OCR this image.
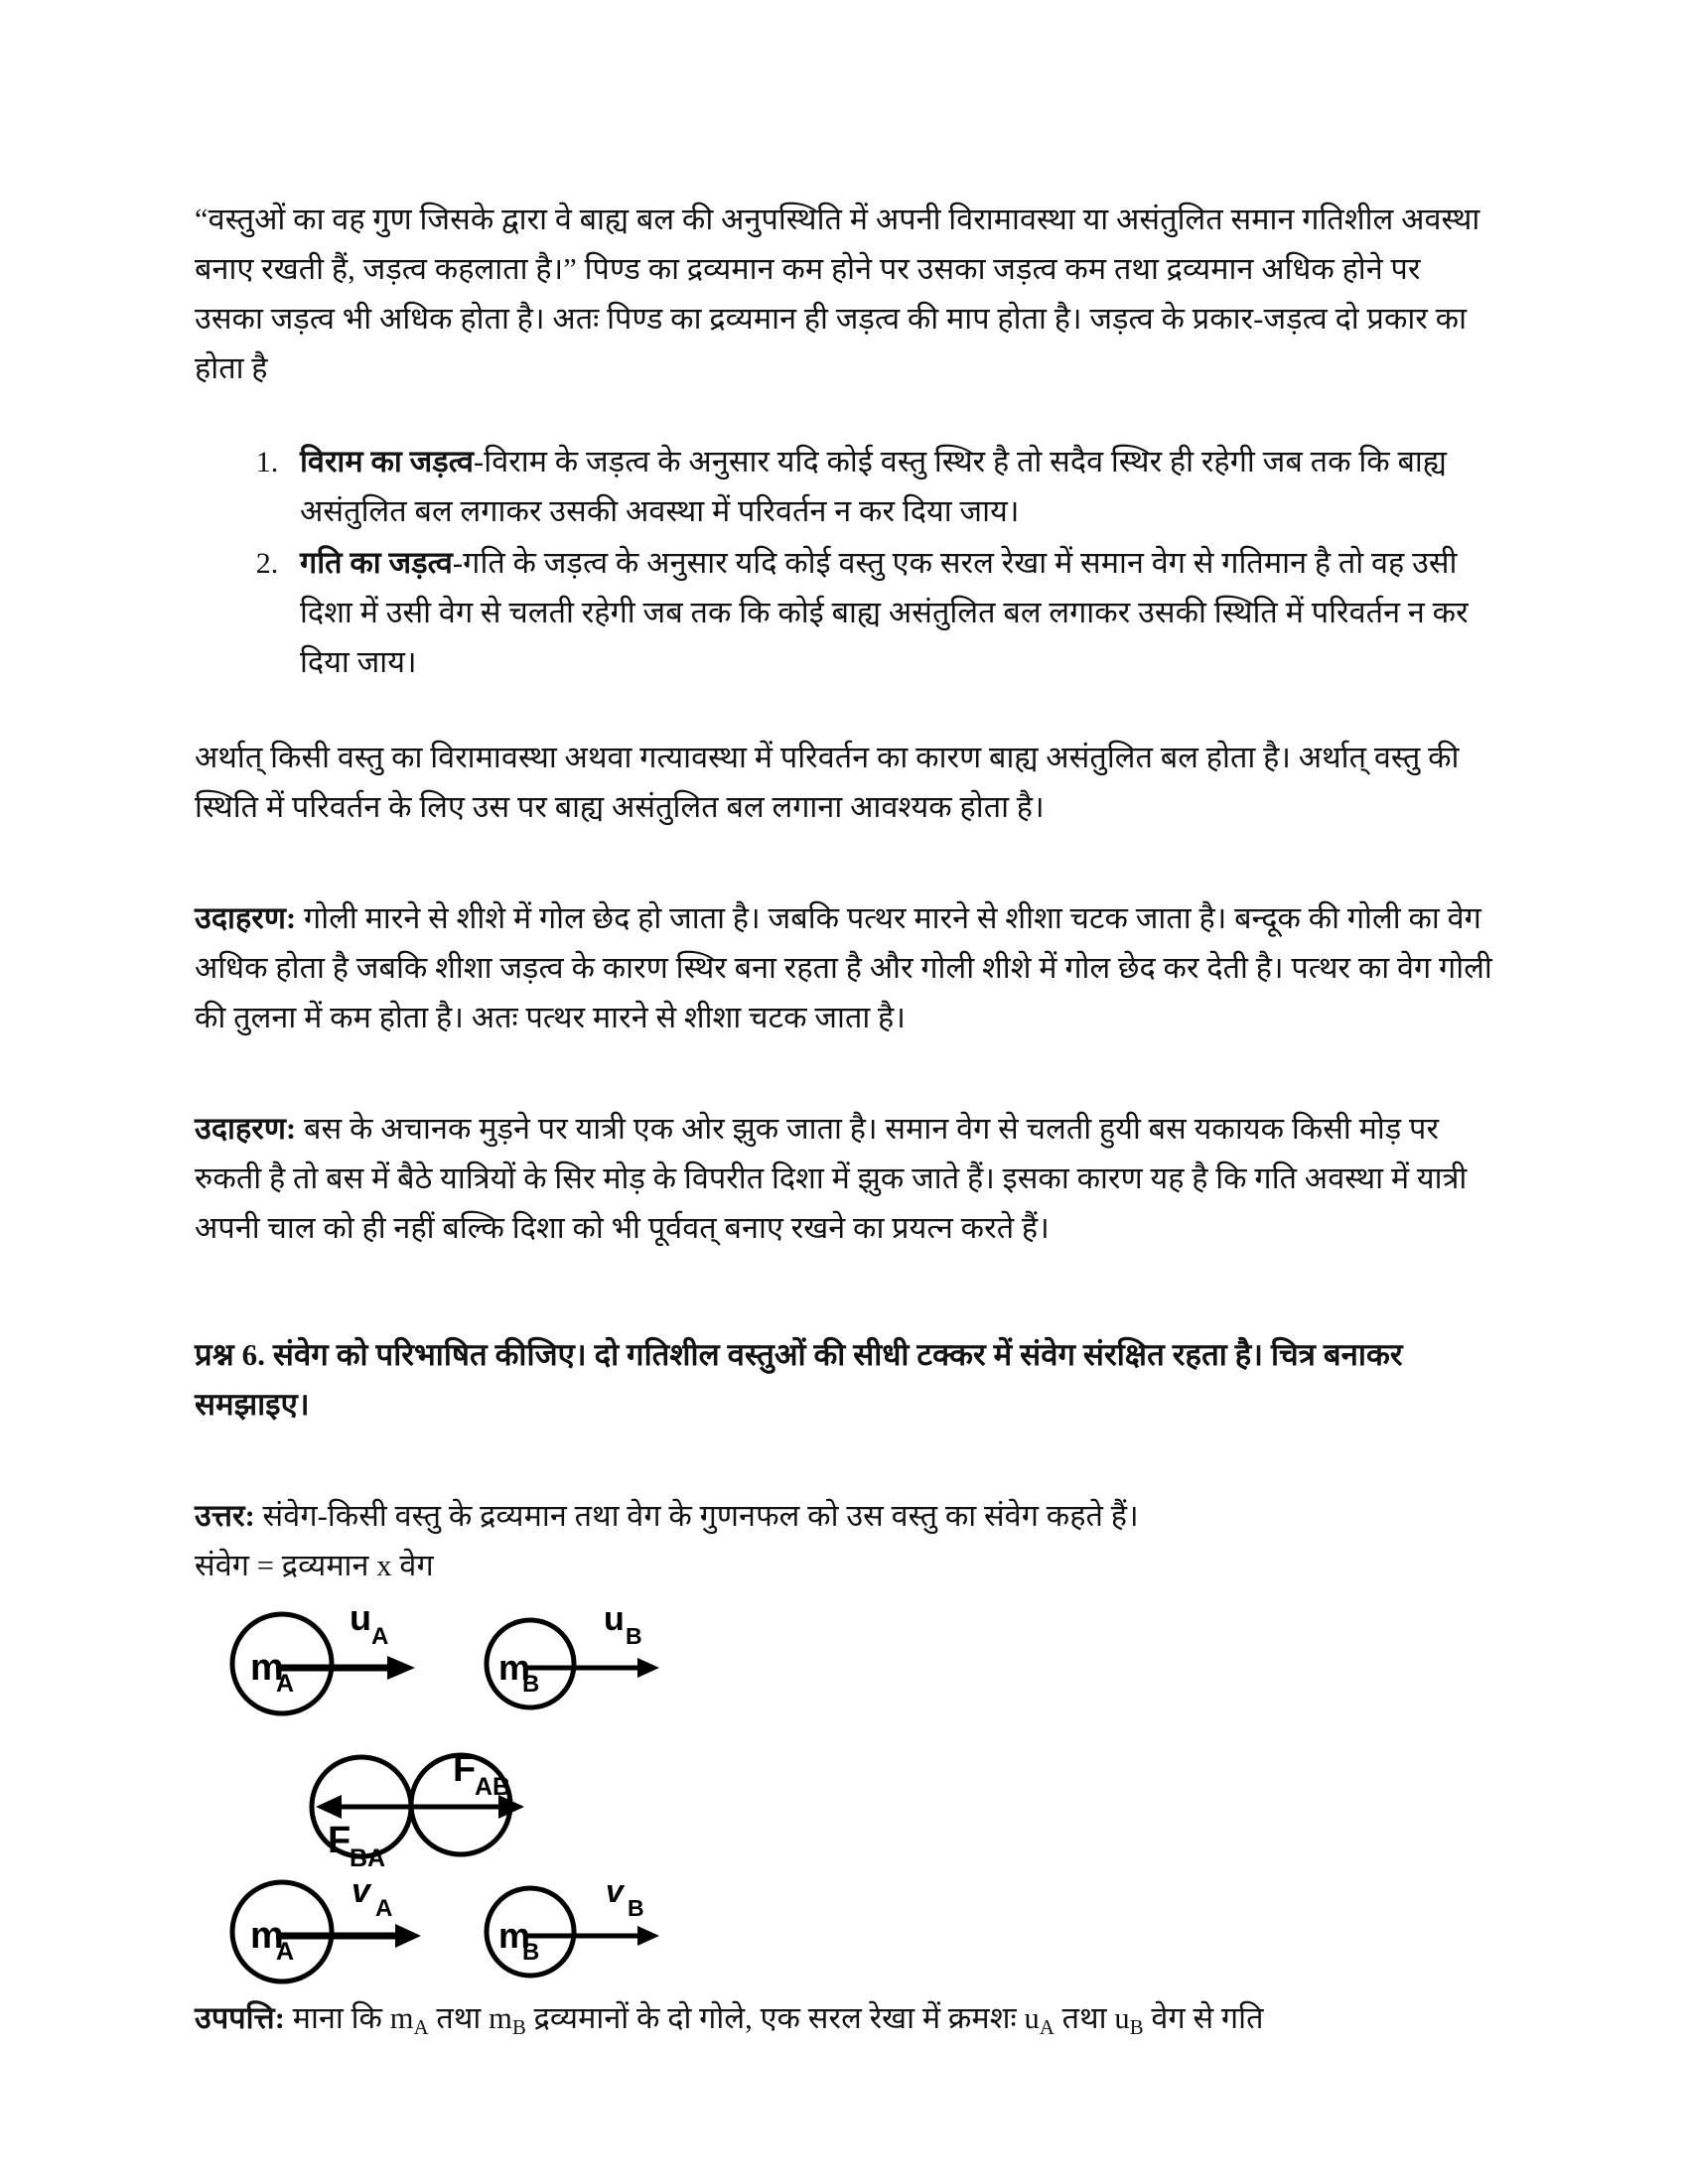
“वस्तुओं का वह गुण जिसके द्वारा वे बाह्य बल की अनुपस्थिति में अपनी विरामावस्था या असंतुलित समान गतिशील अवस्था बनाए रखती हैं, जड़त्व कहलाता है।” पिण्ड का द्रव्यमान कम होने पर उसका जड़त्व कम तथा द्रव्यमान अधिक होने पर उसका जड़त्व भी अधिक होता है। अतः पिण्ड का द्रव्यमान ही जड़त्व की माप होता है। जड़त्व के प्रकार-जड़त्व दो प्रकार का होता है

1. विराम का जड़त्व-विराम के जड़त्व के अनुसार यदि कोई वस्तु स्थिर है तो सदैव स्थिर ही रहेगी जब तक कि बाह्य असंतुलित बल लगाकर उसकी अवस्था में परिवर्तन न कर दिया जाय।
2. गति का जड़त्व-गति के जड़त्व के अनुसार यदि कोई वस्तु एक सरल रेखा में समान वेग से गतिमान है तो वह उसी दिशा में उसी वेग से चलती रहेगी जब तक कि कोई बाह्य असंतुलित बल लगाकर उसकी स्थिति में परिवर्तन न कर दिया जाय।

अर्थात् किसी वस्तु का विरामावस्था अथवा गत्यावस्था में परिवर्तन का कारण बाह्य असंतुलित बल होता है। अर्थात् वस्तु की स्थिति में परिवर्तन के लिए उस पर बाह्य असंतुलित बल लगाना आवश्यक होता है।

उदाहरण: गोली मारने से शीशे में गोल छेद हो जाता है। जबकि पत्थर मारने से शीशा चटक जाता है। बन्दूक की गोली का वेग अधिक होता है जबकि शीशा जड़त्व के कारण स्थिर बना रहता है और गोली शीशे में गोल छेद कर देती है। पत्थर का वेग गोली की तुलना में कम होता है। अतः पत्थर मारने से शीशा चटक जाता है।

उदाहरण: बस के अचानक मुड़ने पर यात्री एक ओर झुक जाता है। समान वेग से चलती हुयी बस यकायक किसी मोड़ पर रुकती है तो बस में बैठे यात्रियों के सिर मोड़ के विपरीत दिशा में झुक जाते हैं। इसका कारण यह है कि गति अवस्था में यात्री अपनी चाल को ही नहीं बल्कि दिशा को भी पूर्ववत् बनाए रखने का प्रयत्न करते हैं।

प्रश्न 6. संवेग को परिभाषित कीजिए। दो गतिशील वस्तुओं की सीधी टक्कर में संवेग संरक्षित रहता है। चित्र बनाकर समझाइए।

उत्तर: संवेग-किसी वस्तु के द्रव्यमान तथा वेग के गुणनफल को उस वस्तु का संवेग कहते हैं।

संवेग = द्रव्यमान x वेग

m
A	m
B
u A	u B
F
BA
F
AB
m
A	m
B
v A	v B

उपपत्ति: माना कि $m_A$ तथा $m_B$ द्रव्यमानों के दो गोले, एक सरल रेखा में क्रमशः $u_A$ तथा $u_B$ वेग से गति
